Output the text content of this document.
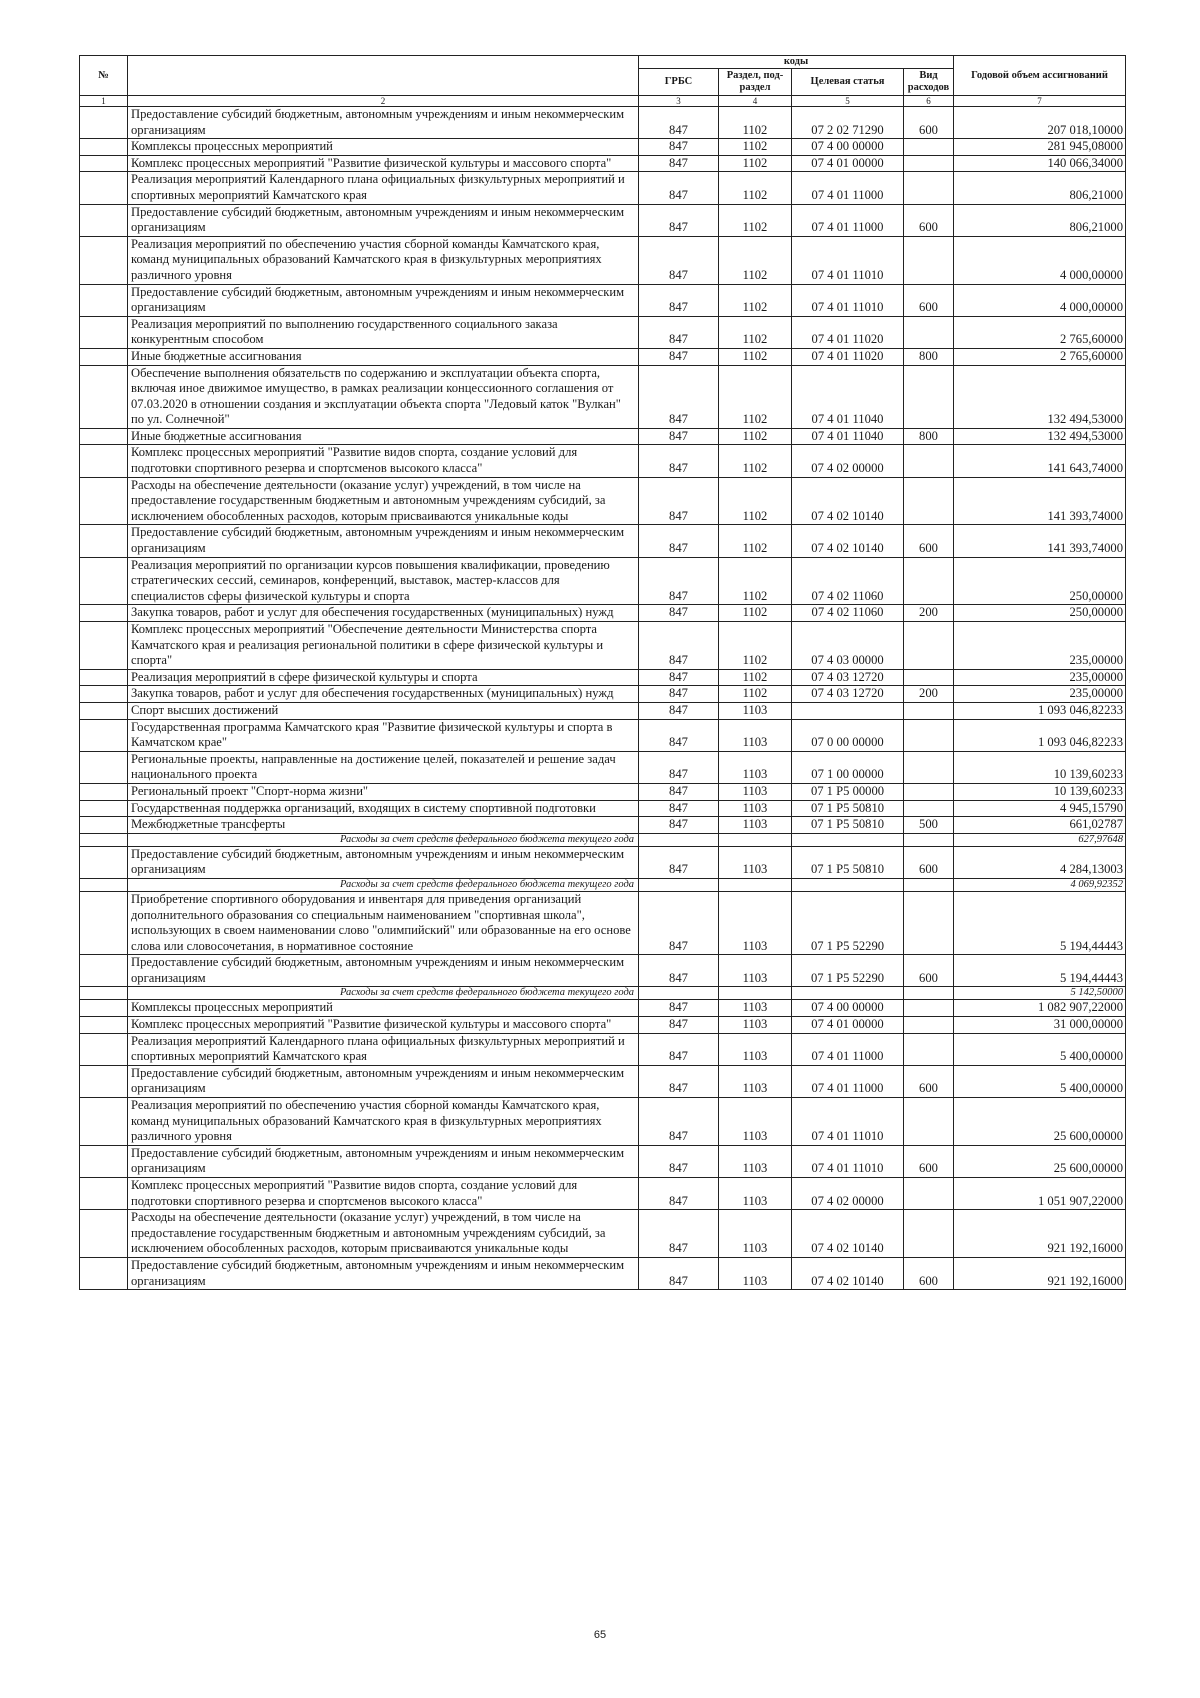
№		коды				Годовой объем ассигнований
		ГРБС	Раздел, под-раздел	Целевая статья	Вид расходов	
1	2	3	4	5	6	7
	Предоставление субсидий бюджетным, автономным учреждениям и иным некоммерческим организациям	847	1102	07 2 02 71290	600	207 018,10000
	Комплексы процессных мероприятий	847	1102	07 4 00 00000		281 945,08000
	Комплекс процессных мероприятий "Развитие физической культуры и массового спорта"	847	1102	07 4 01 00000		140 066,34000
	Реализация мероприятий Календарного плана официальных физкультурных мероприятий и спортивных мероприятий Камчатского края	847	1102	07 4 01 11000		806,21000
	Предоставление субсидий бюджетным, автономным учреждениям и иным некоммерческим организациям	847	1102	07 4 01 11000	600	806,21000
	Реализация мероприятий по обеспечению участия сборной команды Камчатского края, команд муниципальных образований Камчатского края в физкультурных мероприятиях различного уровня	847	1102	07 4 01 11010		4 000,00000
	Предоставление субсидий бюджетным, автономным учреждениям и иным некоммерческим организациям	847	1102	07 4 01 11010	600	4 000,00000
	Реализация мероприятий по выполнению государственного социального заказа конкурентным способом	847	1102	07 4 01 11020		2 765,60000
	Иные бюджетные ассигнования	847	1102	07 4 01 11020	800	2 765,60000
	Обеспечение выполнения обязательств по содержанию и эксплуатации объекта спорта, включая иное движимое имущество, в рамках реализации концессионного соглашения от 07.03.2020 в отношении создания и эксплуатации объекта спорта "Ледовый каток "Вулкан" по ул. Солнечной"	847	1102	07 4 01 11040		132 494,53000
	Иные бюджетные ассигнования	847	1102	07 4 01 11040	800	132 494,53000
	Комплекс процессных мероприятий "Развитие видов спорта, создание условий для подготовки спортивного резерва и спортсменов высокого класса"	847	1102	07 4 02 00000		141 643,74000
	Расходы на обеспечение деятельности (оказание услуг) учреждений, в том числе на предоставление государственным бюджетным и автономным учреждениям субсидий, за исключением обособленных расходов, которым присваиваются уникальные коды	847	1102	07 4 02 10140		141 393,74000
	Предоставление субсидий бюджетным, автономным учреждениям и иным некоммерческим организациям	847	1102	07 4 02 10140	600	141 393,74000
	Реализация мероприятий по организации курсов повышения квалификации, проведению стратегических сессий, семинаров, конференций, выставок, мастер-классов для специалистов сферы физической культуры и спорта	847	1102	07 4 02 11060		250,00000
	Закупка товаров, работ и услуг для обеспечения государственных (муниципальных) нужд	847	1102	07 4 02 11060	200	250,00000
	Комплекс процессных мероприятий "Обеспечение деятельности Министерства спорта Камчатского края и реализация региональной политики в сфере физической культуры и спорта"	847	1102	07 4 03 00000		235,00000
	Реализация мероприятий в сфере физической культуры и спорта	847	1102	07 4 03 12720		235,00000
	Закупка товаров, работ и услуг для обеспечения государственных (муниципальных) нужд	847	1102	07 4 03 12720	200	235,00000
	Спорт высших достижений	847	1103			1 093 046,82233
	Государственная программа Камчатского края "Развитие физической культуры и спорта в Камчатском крае"	847	1103	07 0 00 00000		1 093 046,82233
	Региональные проекты, направленные на достижение целей, показателей и решение задач национального проекта	847	1103	07 1 00 00000		10 139,60233
	Региональный проект "Спорт-норма жизни"	847	1103	07 1 P5 00000		10 139,60233
	Государственная поддержка организаций, входящих в систему спортивной подготовки	847	1103	07 1 P5 50810		4 945,15790
	Межбюджетные трансферты	847	1103	07 1 P5 50810	500	661,02787
	Расходы за счет средств федерального бюджета текущего года					627,97648
	Предоставление субсидий бюджетным, автономным учреждениям и иным некоммерческим организациям	847	1103	07 1 P5 50810	600	4 284,13003
	Расходы за счет средств федерального бюджета текущего года					4 069,92352
	Приобретение спортивного оборудования и инвентаря для приведения организаций дополнительного образования со специальным наименованием "спортивная школа", использующих в своем наименовании слово "олимпийский" или образованные на его основе слова или словосочетания, в нормативное состояние	847	1103	07 1 P5 52290		5 194,44443
	Предоставление субсидий бюджетным, автономным учреждениям и иным некоммерческим организациям	847	1103	07 1 P5 52290	600	5 194,44443
	Расходы за счет средств федерального бюджета текущего года					5 142,50000
	Комплексы процессных мероприятий	847	1103	07 4 00 00000		1 082 907,22000
	Комплекс процессных мероприятий "Развитие физической культуры и массового спорта"	847	1103	07 4 01 00000		31 000,00000
	Реализация мероприятий Календарного плана официальных физкультурных мероприятий и спортивных мероприятий Камчатского края	847	1103	07 4 01 11000		5 400,00000
	Предоставление субсидий бюджетным, автономным учреждениям и иным некоммерческим организациям	847	1103	07 4 01 11000	600	5 400,00000
	Реализация мероприятий по обеспечению участия сборной команды Камчатского края, команд муниципальных образований Камчатского края в физкультурных мероприятиях различного уровня	847	1103	07 4 01 11010		25 600,00000
	Предоставление субсидий бюджетным, автономным учреждениям и иным некоммерческим организациям	847	1103	07 4 01 11010	600	25 600,00000
	Комплекс процессных мероприятий "Развитие видов спорта, создание условий для подготовки спортивного резерва и спортсменов высокого класса"	847	1103	07 4 02 00000		1 051 907,22000
	Расходы на обеспечение деятельности (оказание услуг) учреждений, в том числе на предоставление государственным бюджетным и автономным учреждениям субсидий, за исключением обособленных расходов, которым присваиваются уникальные коды	847	1103	07 4 02 10140		921 192,16000
	Предоставление субсидий бюджетным, автономным учреждениям и иным некоммерческим организациям	847	1103	07 4 02 10140	600	921 192,16000
65
